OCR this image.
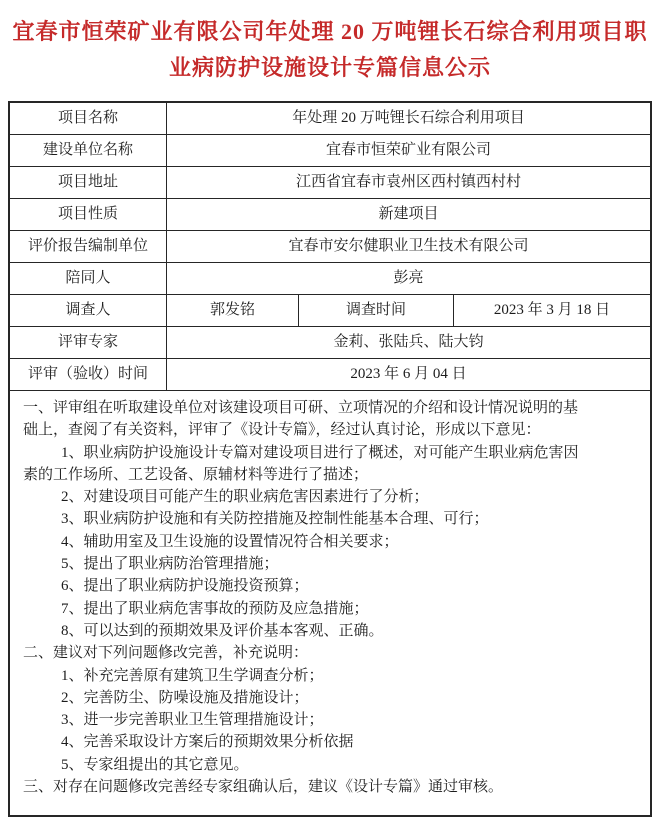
宜春市恒荣矿业有限公司年处理 20 万吨锂长石综合利用项目职
业病防护设施设计专篇信息公示
项目名称	年处理 20 万吨锂长石综合利用项目
建设单位名称	宜春市恒荣矿业有限公司
项目地址	江西省宜春市袁州区西村镇西村村
项目性质	新建项目
评价报告编制单位	宜春市安尔健职业卫生技术有限公司
陪同人	彭亮
调查人	郭发铭	调查时间	2023 年 3 月 18 日
评审专家	金莉、张陆兵、陆大钧
评审（验收）时间	2023 年 6 月 04 日
一、评审组在听取建设单位对该建设项目可研、立项情况的介绍和设计情况说明的基
础上，查阅了有关资料，评审了《设计专篇》，经过认真讨论，形成以下意见：
1、职业病防护设施设计专篇对建设项目进行了概述，对可能产生职业病危害因
素的工作场所、工艺设备、原辅材料等进行了描述；
2、对建设项目可能产生的职业病危害因素进行了分析；
3、职业病防护设施和有关防控措施及控制性能基本合理、可行；
4、辅助用室及卫生设施的设置情况符合相关要求；
5、提出了职业病防治管理措施；
6、提出了职业病防护设施投资预算；
7、提出了职业病危害事故的预防及应急措施；
8、可以达到的预期效果及评价基本客观、正确。
二、建议对下列问题修改完善，补充说明：
1、补充完善原有建筑卫生学调查分析；
2、完善防尘、防噪设施及措施设计；
3、进一步完善职业卫生管理措施设计；
4、完善采取设计方案后的预期效果分析依据
5、专家组提出的其它意见。
三、对存在问题修改完善经专家组确认后，建议《设计专篇》通过审核。
